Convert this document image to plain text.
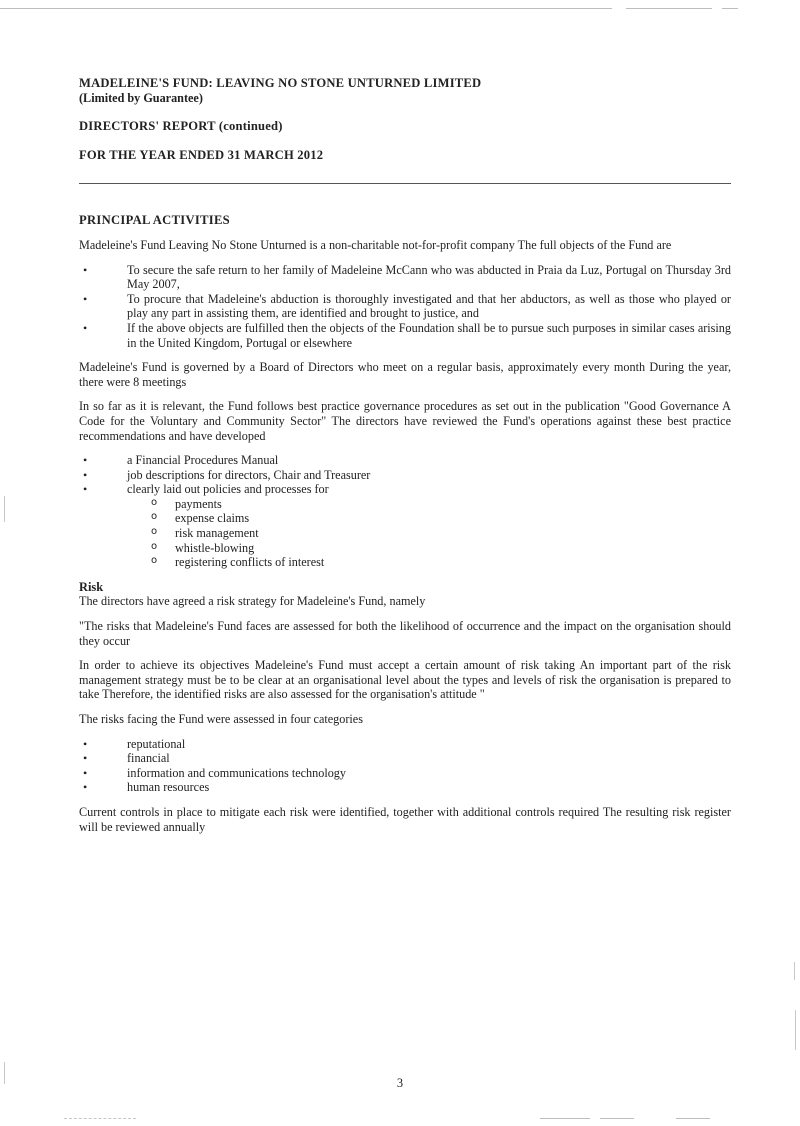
MADELEINE'S FUND: LEAVING NO STONE UNTURNED LIMITED
(Limited by Guarantee)
DIRECTORS' REPORT (continued)
FOR THE YEAR ENDED 31 MARCH 2012
PRINCIPAL ACTIVITIES

Madeleine's Fund Leaving No Stone Unturned is a non-charitable not-for-profit company The full objects of the Fund are

• To secure the safe return to her family of Madeleine McCann who was abducted in Praia da Luz, Portugal on Thursday 3rd May 2007,
• To procure that Madeleine's abduction is thoroughly investigated and that her abductors, as well as those who played or play any part in assisting them, are identified and brought to justice, and
• If the above objects are fulfilled then the objects of the Foundation shall be to pursue such purposes in similar cases arising in the United Kingdom, Portugal or elsewhere

Madeleine's Fund is governed by a Board of Directors who meet on a regular basis, approximately every month During the year, there were 8 meetings

In so far as it is relevant, the Fund follows best practice governance procedures as set out in the publication "Good Governance A Code for the Voluntary and Community Sector" The directors have reviewed the Fund's operations against these best practice recommendations and have developed

• a Financial Procedures Manual
• job descriptions for directors, Chair and Treasurer
• clearly laid out policies and processes for
o payments
o expense claims
o risk management
o whistle-blowing
o registering conflicts of interest
Risk

The directors have agreed a risk strategy for Madeleine's Fund, namely

"The risks that Madeleine's Fund faces are assessed for both the likelihood of occurrence and the impact on the organisation should they occur

In order to achieve its objectives Madeleine's Fund must accept a certain amount of risk taking An important part of the risk management strategy must be to be clear at an organisational level about the types and levels of risk the organisation is prepared to take Therefore, the identified risks are also assessed for the organisation's attitude "

The risks facing the Fund were assessed in four categories

• reputational
• financial
• information and communications technology
• human resources

Current controls in place to mitigate each risk were identified, together with additional controls required The resulting risk register will be reviewed annually

3
